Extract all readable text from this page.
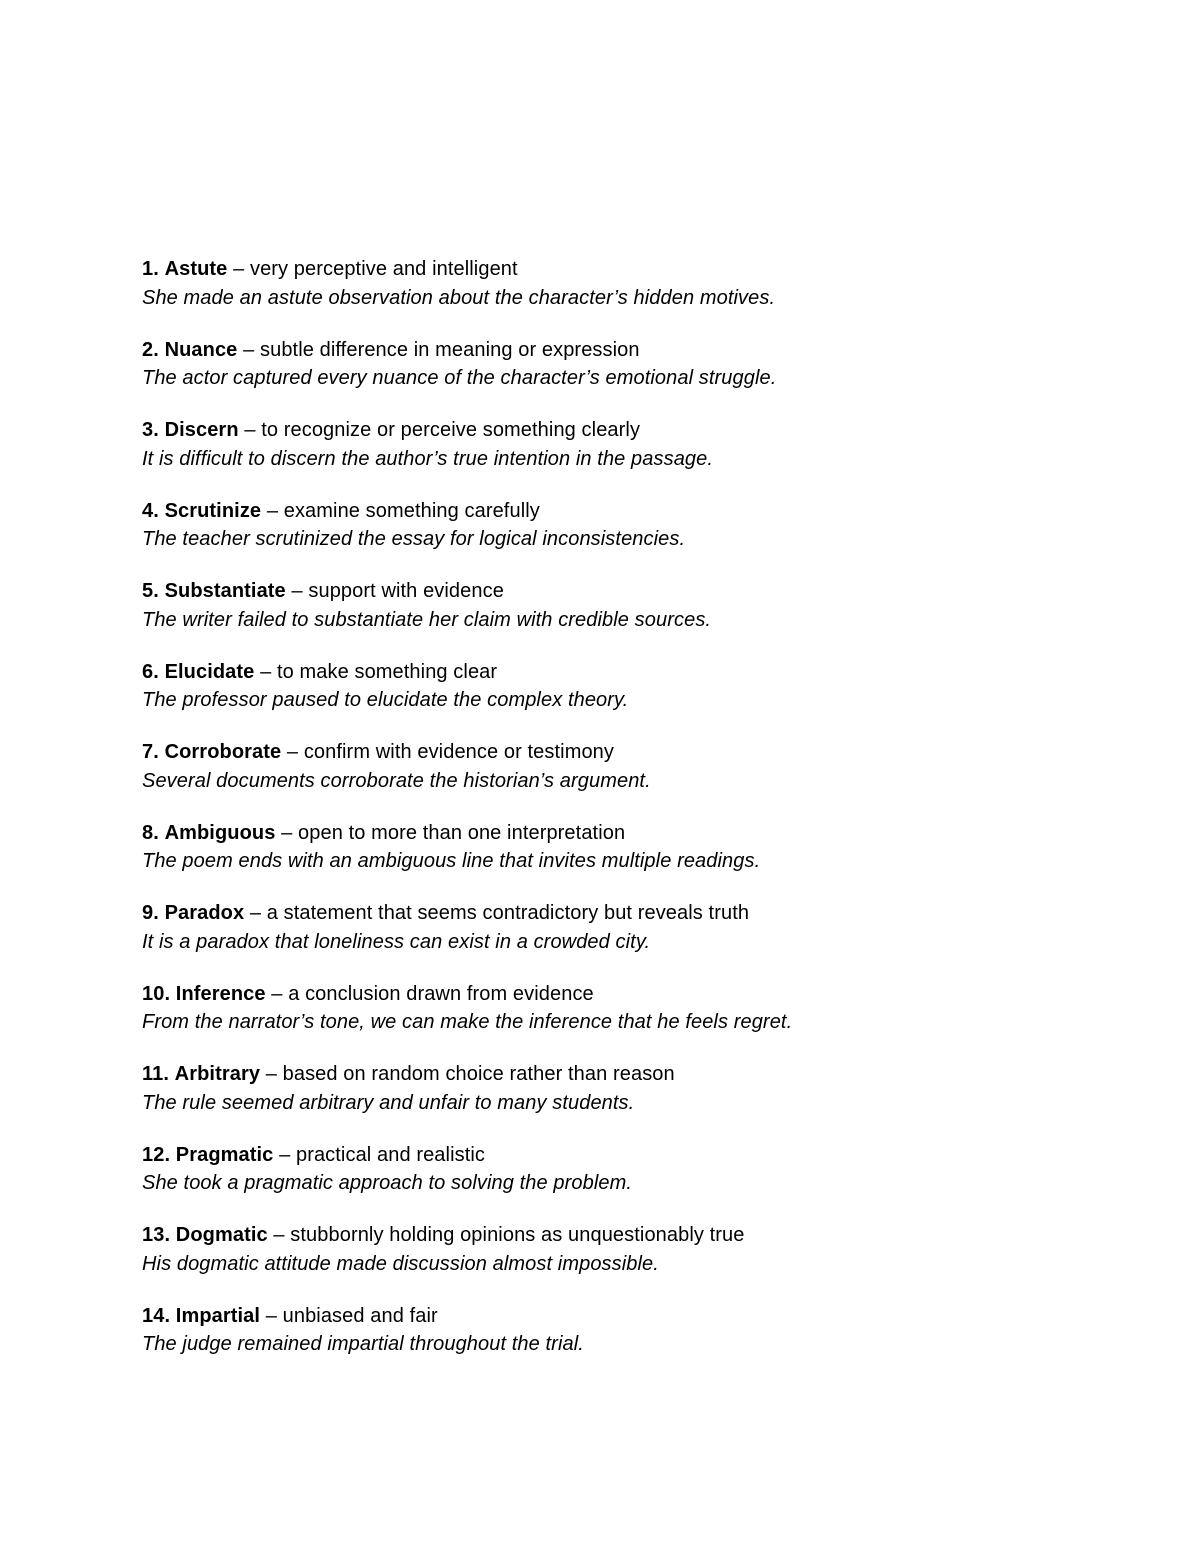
1. Astute – very perceptive and intelligent
She made an astute observation about the character’s hidden motives.
2. Nuance – subtle difference in meaning or expression
The actor captured every nuance of the character’s emotional struggle.
3. Discern – to recognize or perceive something clearly
It is difficult to discern the author’s true intention in the passage.
4. Scrutinize – examine something carefully
The teacher scrutinized the essay for logical inconsistencies.
5. Substantiate – support with evidence
The writer failed to substantiate her claim with credible sources.
6. Elucidate – to make something clear
The professor paused to elucidate the complex theory.
7. Corroborate – confirm with evidence or testimony
Several documents corroborate the historian’s argument.
8. Ambiguous – open to more than one interpretation
The poem ends with an ambiguous line that invites multiple readings.
9. Paradox – a statement that seems contradictory but reveals truth
It is a paradox that loneliness can exist in a crowded city.
10. Inference – a conclusion drawn from evidence
From the narrator’s tone, we can make the inference that he feels regret.
11. Arbitrary – based on random choice rather than reason
The rule seemed arbitrary and unfair to many students.
12. Pragmatic – practical and realistic
She took a pragmatic approach to solving the problem.
13. Dogmatic – stubbornly holding opinions as unquestionably true
His dogmatic attitude made discussion almost impossible.
14. Impartial – unbiased and fair
The judge remained impartial throughout the trial.
